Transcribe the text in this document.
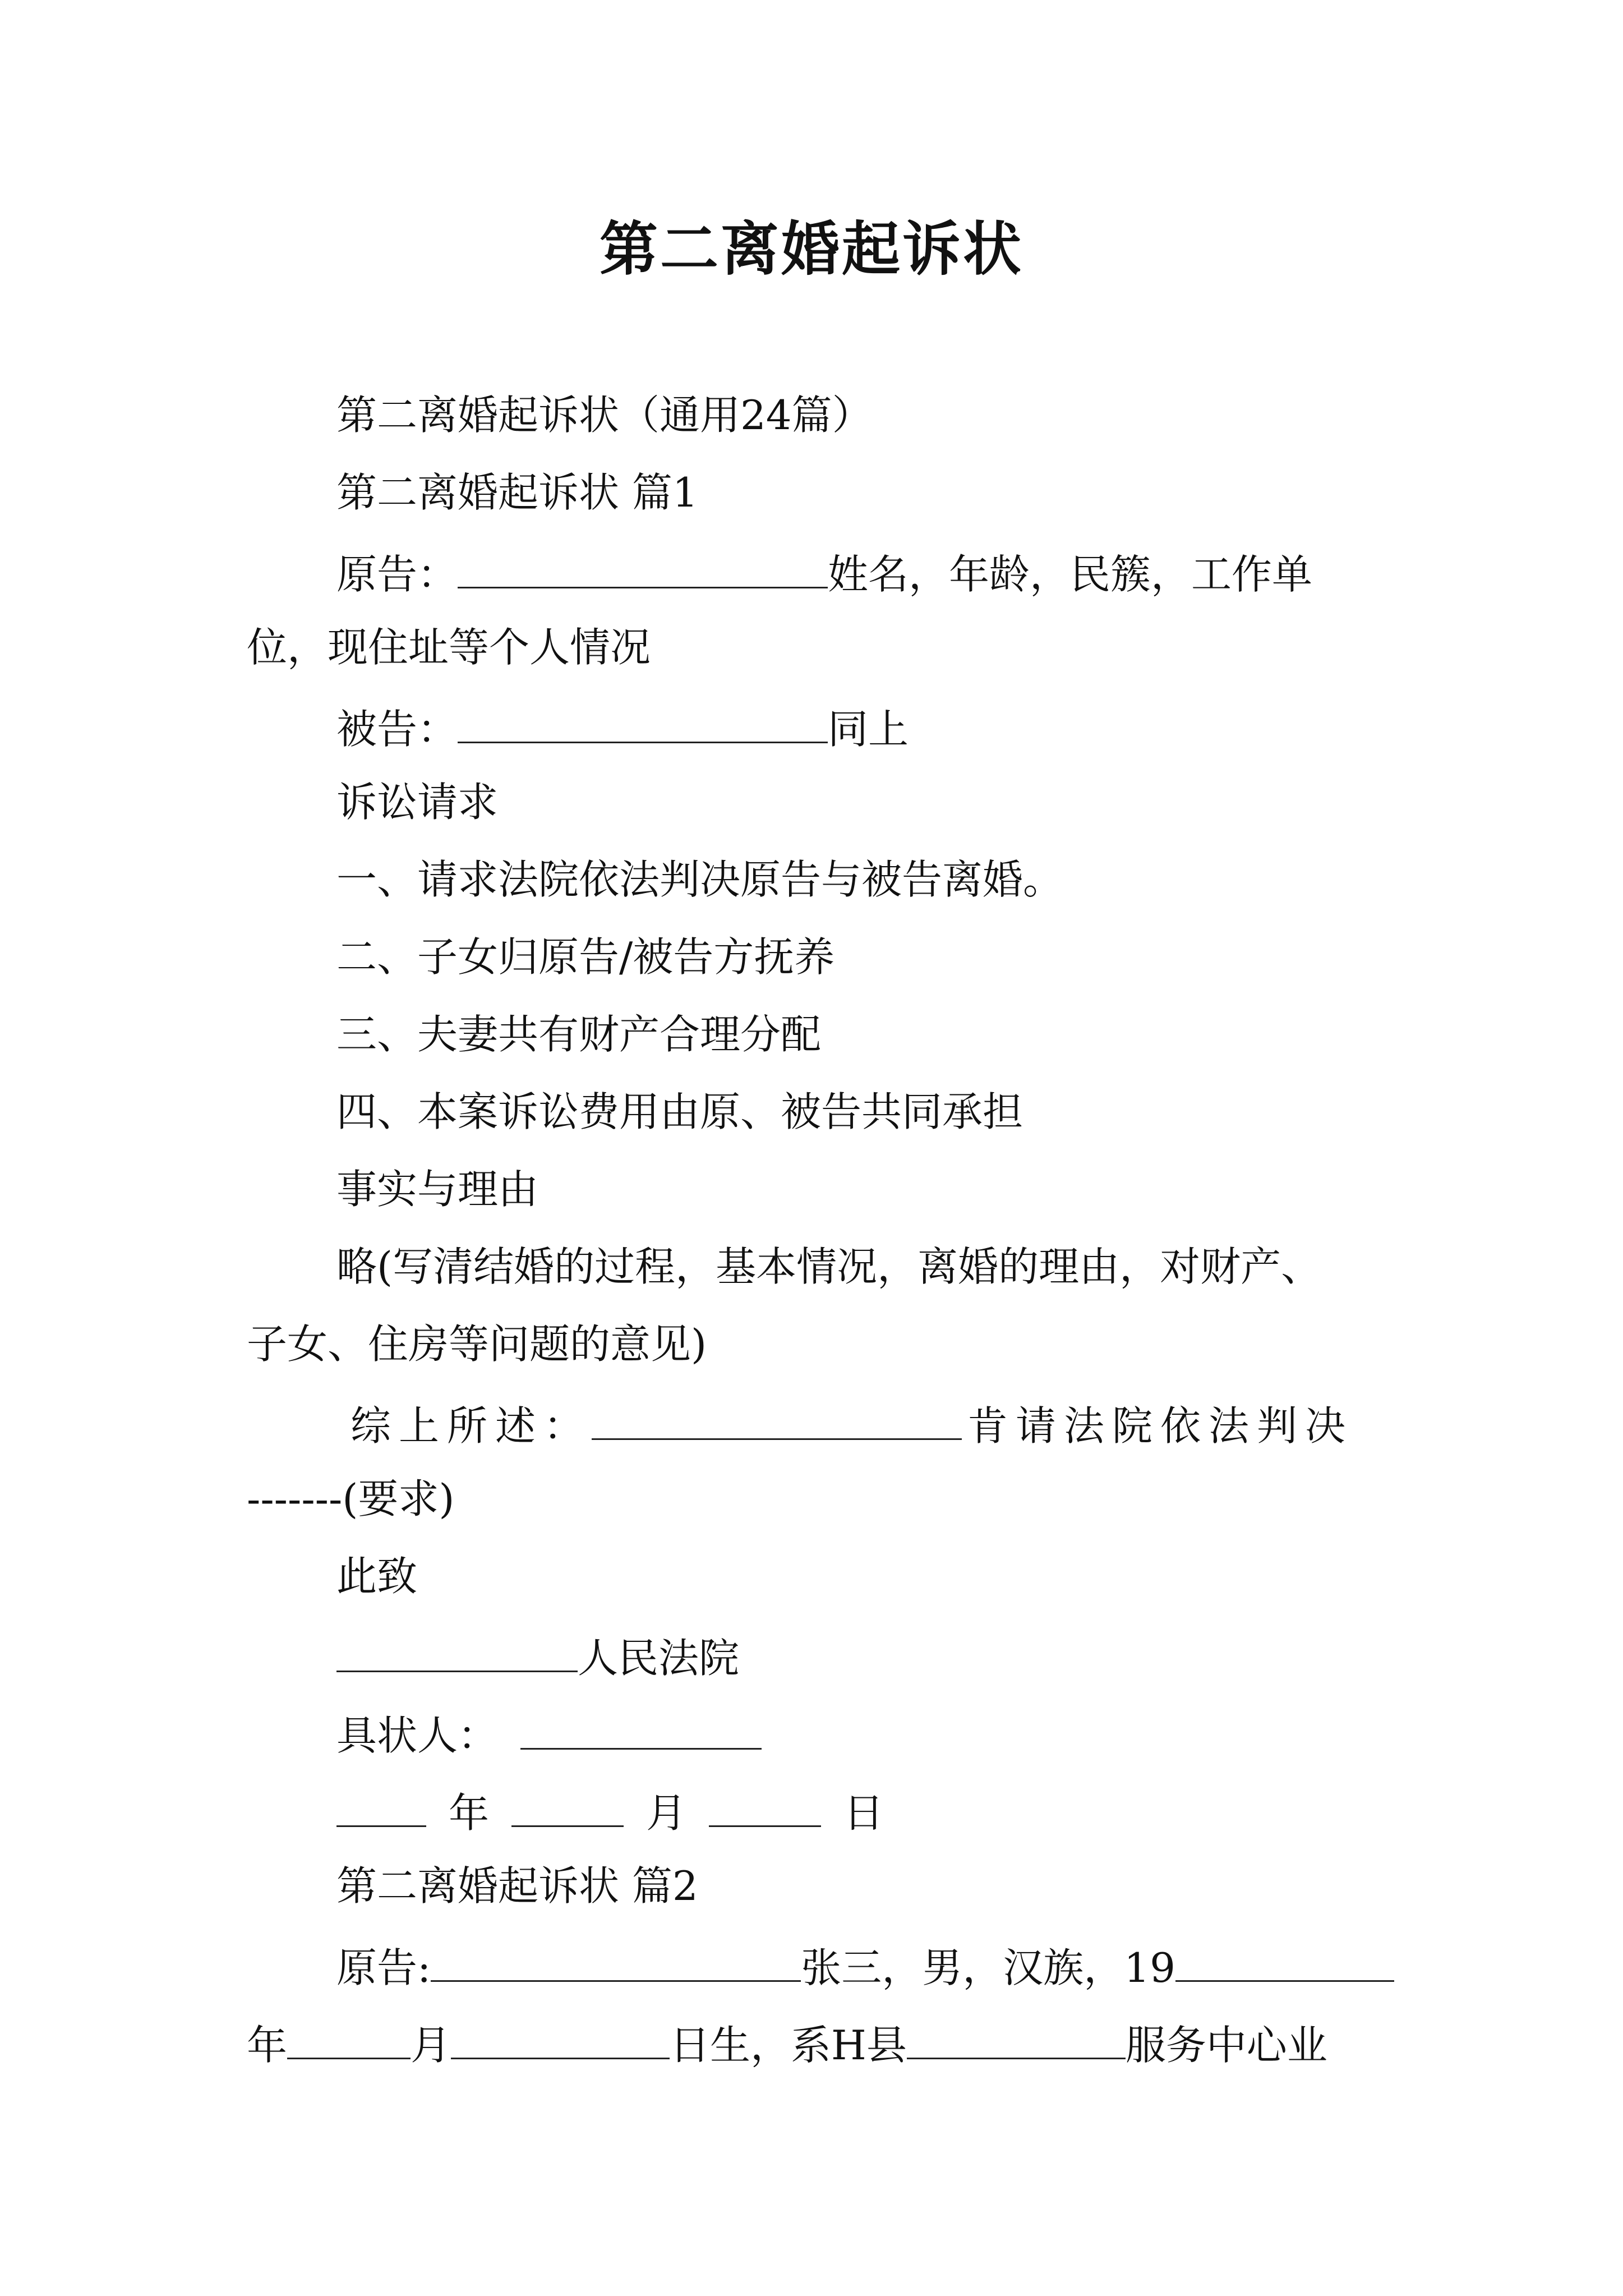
第二离婚起诉状
第二离婚起诉状（通用24篇）
第二离婚起诉状 篇1
原告：	姓名，年龄，民簇，工作单
位，现住址等个人情况
被告：	同上
诉讼请求
一、请求法院依法判决原告与被告离婚。
二、子女归原告/被告方抚养
三、夫妻共有财产合理分配
四、本案诉讼费用由原、被告共同承担
事实与理由
略(写清结婚的过程，基本情况，离婚的理由，对财产、
子女、住房等问题的意见)
综上所述：	肯请法院依法判决
-------(要求)
此致
人民法院
具状人：
年	月	日
第二离婚起诉状 篇2
原告:	张三，男，汉族，19
年	月	日生，系H县	服务中心业
